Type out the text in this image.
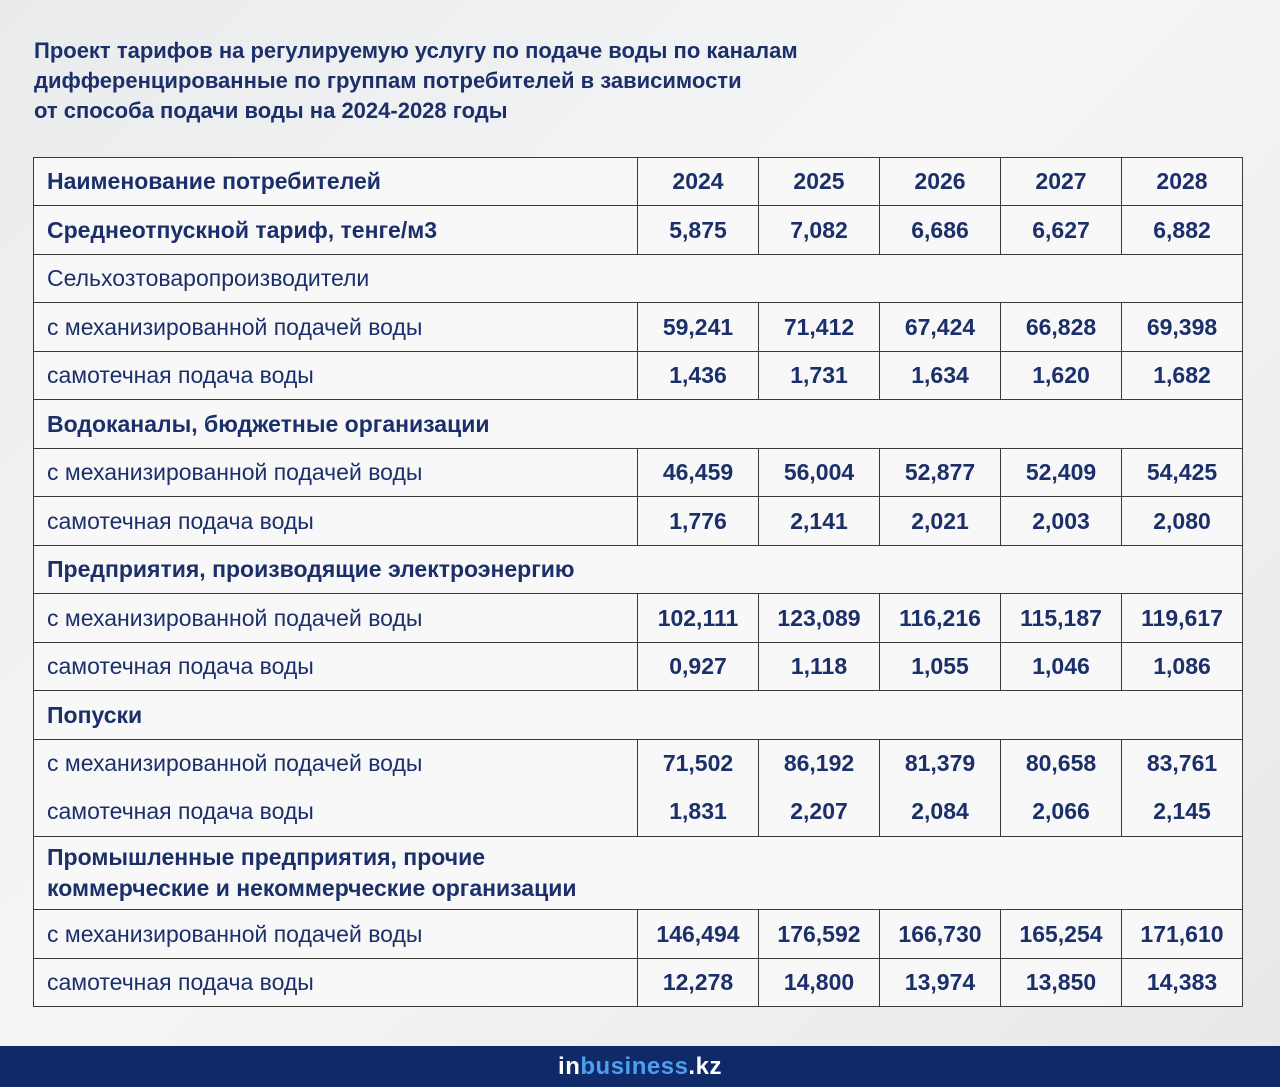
Проект тарифов на регулируемую услугу по подаче воды по каналам
дифференцированные по группам потребителей в зависимости
от способа подачи воды на 2024-2028 годы
Наименование потребителей	2024	2025	2026	2027	2028
Среднеотпускной тариф, тенге/м3	5,875	7,082	6,686	6,627	6,882
Сельхозтоваропроизводители					
с механизированной подачей воды	59,241	71,412	67,424	66,828	69,398
самотечная подача воды	1,436	1,731	1,634	1,620	1,682
Водоканалы, бюджетные организации					
с механизированной подачей воды	46,459	56,004	52,877	52,409	54,425
самотечная подача воды	1,776	2,141	2,021	2,003	2,080
Предприятия, производящие электроэнергию					
с механизированной подачей воды	102,111	123,089	116,216	115,187	119,617
самотечная подача воды	0,927	1,118	1,055	1,046	1,086
Попуски					
с механизированной подачей воды	71,502	86,192	81,379	80,658	83,761
самотечная подача воды	1,831	2,207	2,084	2,066	2,145

Промышленные предприятия, прочие
коммерческие и некоммерческие организации					

с механизированной подачей воды	146,494	176,592	166,730	165,254	171,610
самотечная подача воды	12,278	14,800	13,974	13,850	14,383
inbusiness.kz
